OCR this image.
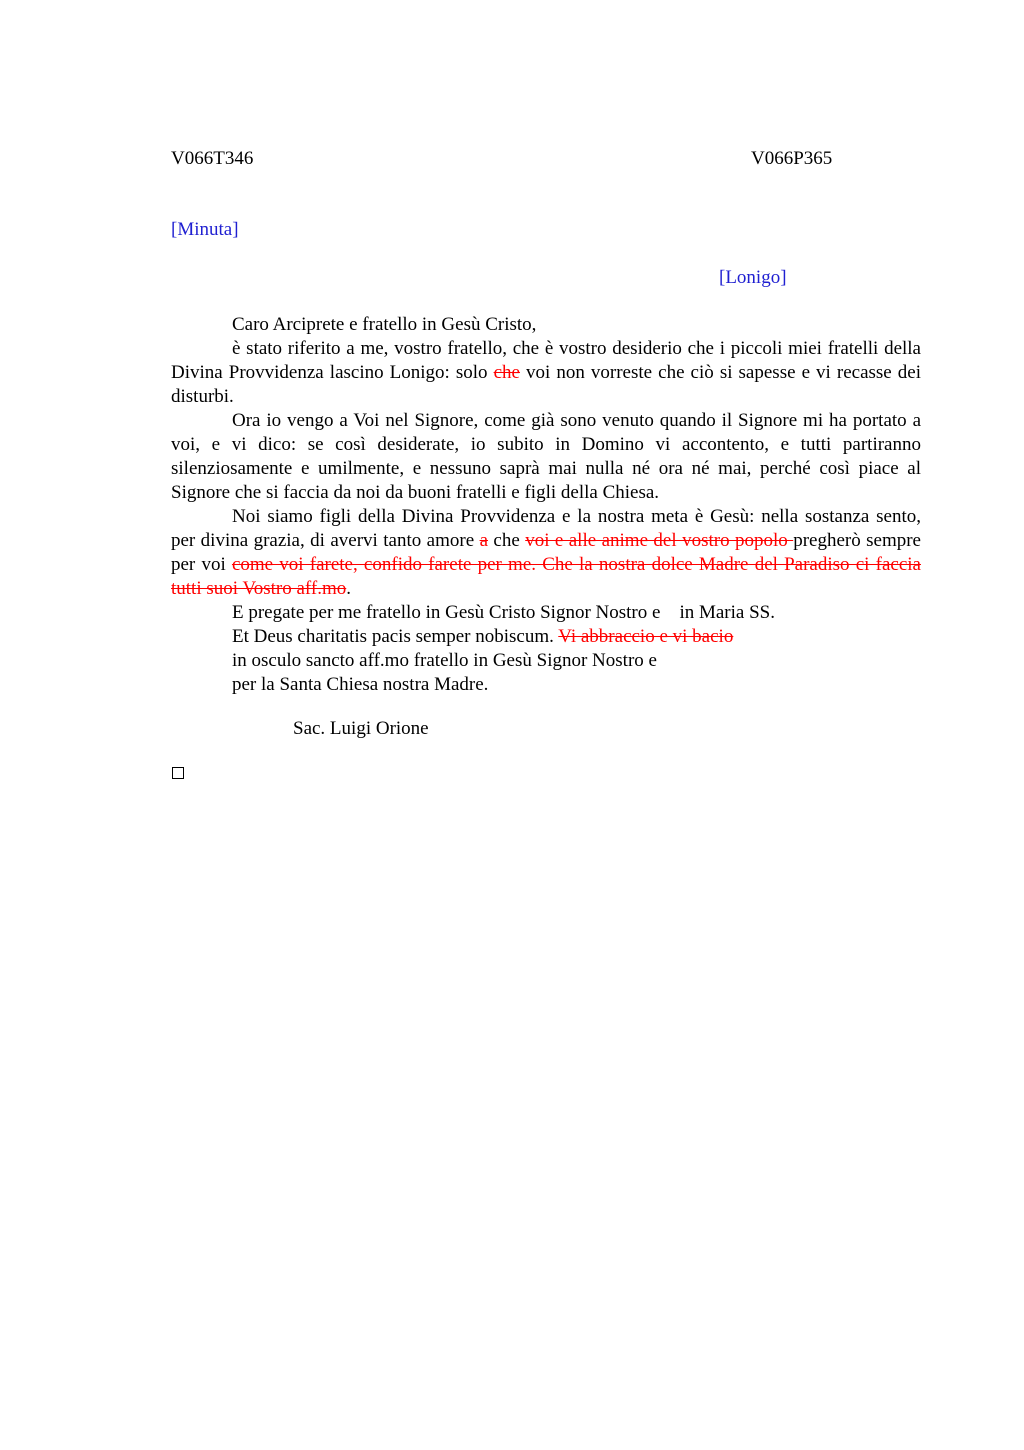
V066T346	V066P365
[Minuta]
[Lonigo]

Caro Arciprete e fratello in Gesù Cristo,

è stato riferito a me, vostro fratello, che è vostro desiderio che i piccoli miei fratelli della Divina Provvidenza lascino Lonigo: solo che voi non vorreste che ciò si sapesse e vi recasse dei disturbi.

Ora io vengo a Voi nel Signore, come già sono venuto quando il Signore mi ha portato a voi, e vi dico: se così desiderate, io subito in Domino vi accontento, e tutti partiranno silenziosamente e umilmente, e nessuno saprà mai nulla né ora né mai, perché così piace al Signore che si faccia da noi da buoni fratelli e figli della Chiesa.

Noi siamo figli della Divina Provvidenza e la nostra meta è Gesù: nella sostanza sento, per divina grazia, di avervi tanto amore a che voi e alle anime del vostro popolo pregherò sempre per voi come voi farete, confido farete per me. Che la nostra dolce Madre del Paradiso ci faccia tutti suoi Vostro aff.mo.

E pregate per me fratello in Gesù Cristo Signor Nostro e    in Maria SS.
Et Deus charitatis pacis semper nobiscum. Vi abbraccio e vi bacio
in osculo sancto aff.mo fratello in Gesù Signor Nostro e
per la Santa Chiesa nostra Madre.
Sac. Luigi Orione
